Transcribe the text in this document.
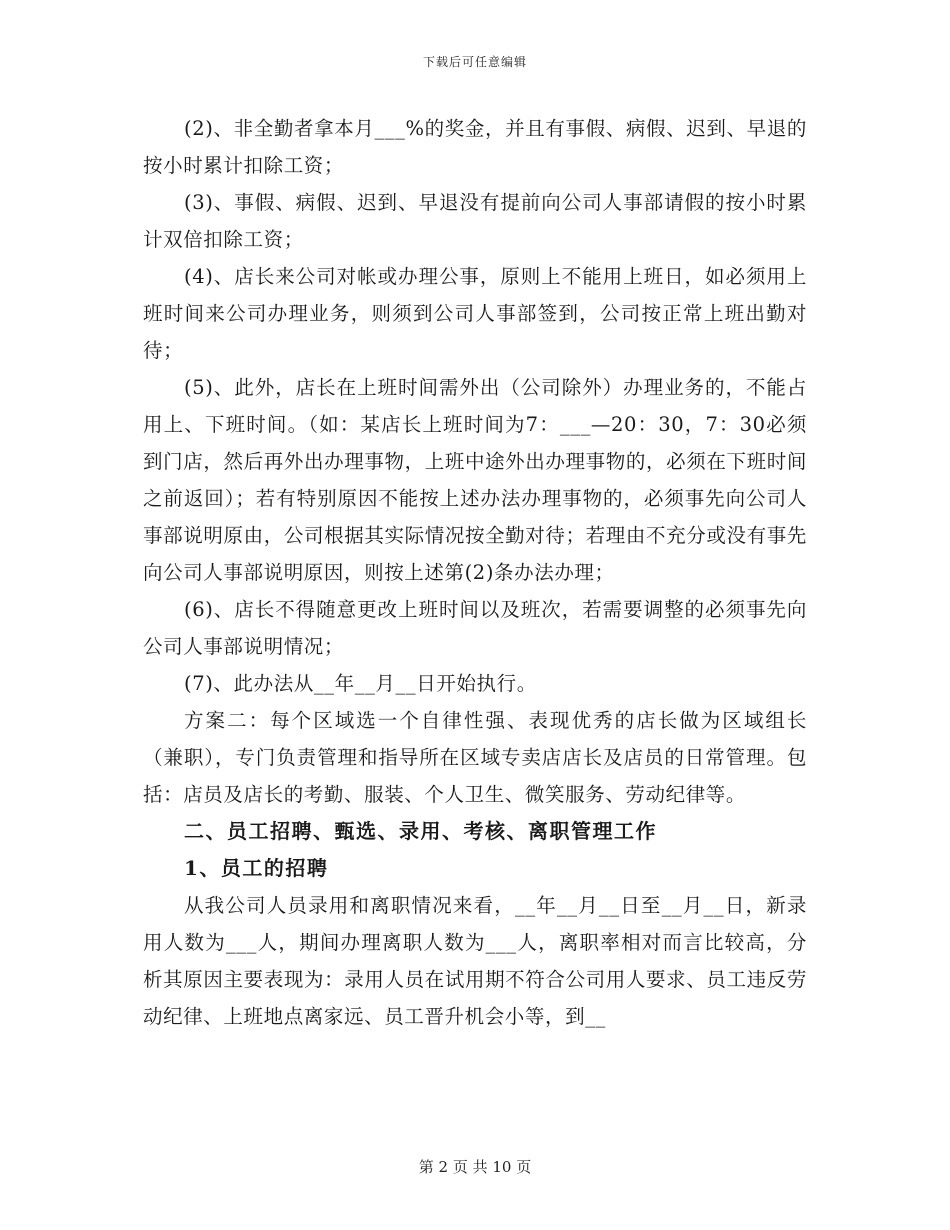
下载后可任意编辑

(2)、非全勤者拿本月___%的奖金，并且有事假、病假、迟到、早退的按小时累计扣除工资；

(3)、事假、病假、迟到、早退没有提前向公司人事部请假的按小时累计双倍扣除工资；

(4)、店长来公司对帐或办理公事，原则上不能用上班日，如必须用上班时间来公司办理业务，则须到公司人事部签到，公司按正常上班出勤对待；

(5)、此外，店长在上班时间需外出（公司除外）办理业务的，不能占用上、下班时间。（如：某店长上班时间为7：___—20：30，7：30必须到门店，然后再外出办理事物，上班中途外出办理事物的，必须在下班时间之前返回）；若有特别原因不能按上述办法办理事物的，必须事先向公司人事部说明原由，公司根据其实际情况按全勤对待；若理由不充分或没有事先向公司人事部说明原因，则按上述第(2)条办法办理；

(6)、店长不得随意更改上班时间以及班次，若需要调整的必须事先向公司人事部说明情况；

(7)、此办法从__年__月__日开始执行。

方案二：每个区域选一个自律性强、表现优秀的店长做为区域组长（兼职），专门负责管理和指导所在区域专卖店店长及店员的日常管理。包括：店员及店长的考勤、服装、个人卫生、微笑服务、劳动纪律等。

二、员工招聘、甄选、录用、考核、离职管理工作

1、员工的招聘

从我公司人员录用和离职情况来看，__年__月__日至__月__日，新录用人数为___人，期间办理离职人数为___人，离职率相对而言比较高，分析其原因主要表现为：录用人员在试用期不符合公司用人要求、员工违反劳动纪律、上班地点离家远、员工晋升机会小等，到__

第 2 页 共 10 页
